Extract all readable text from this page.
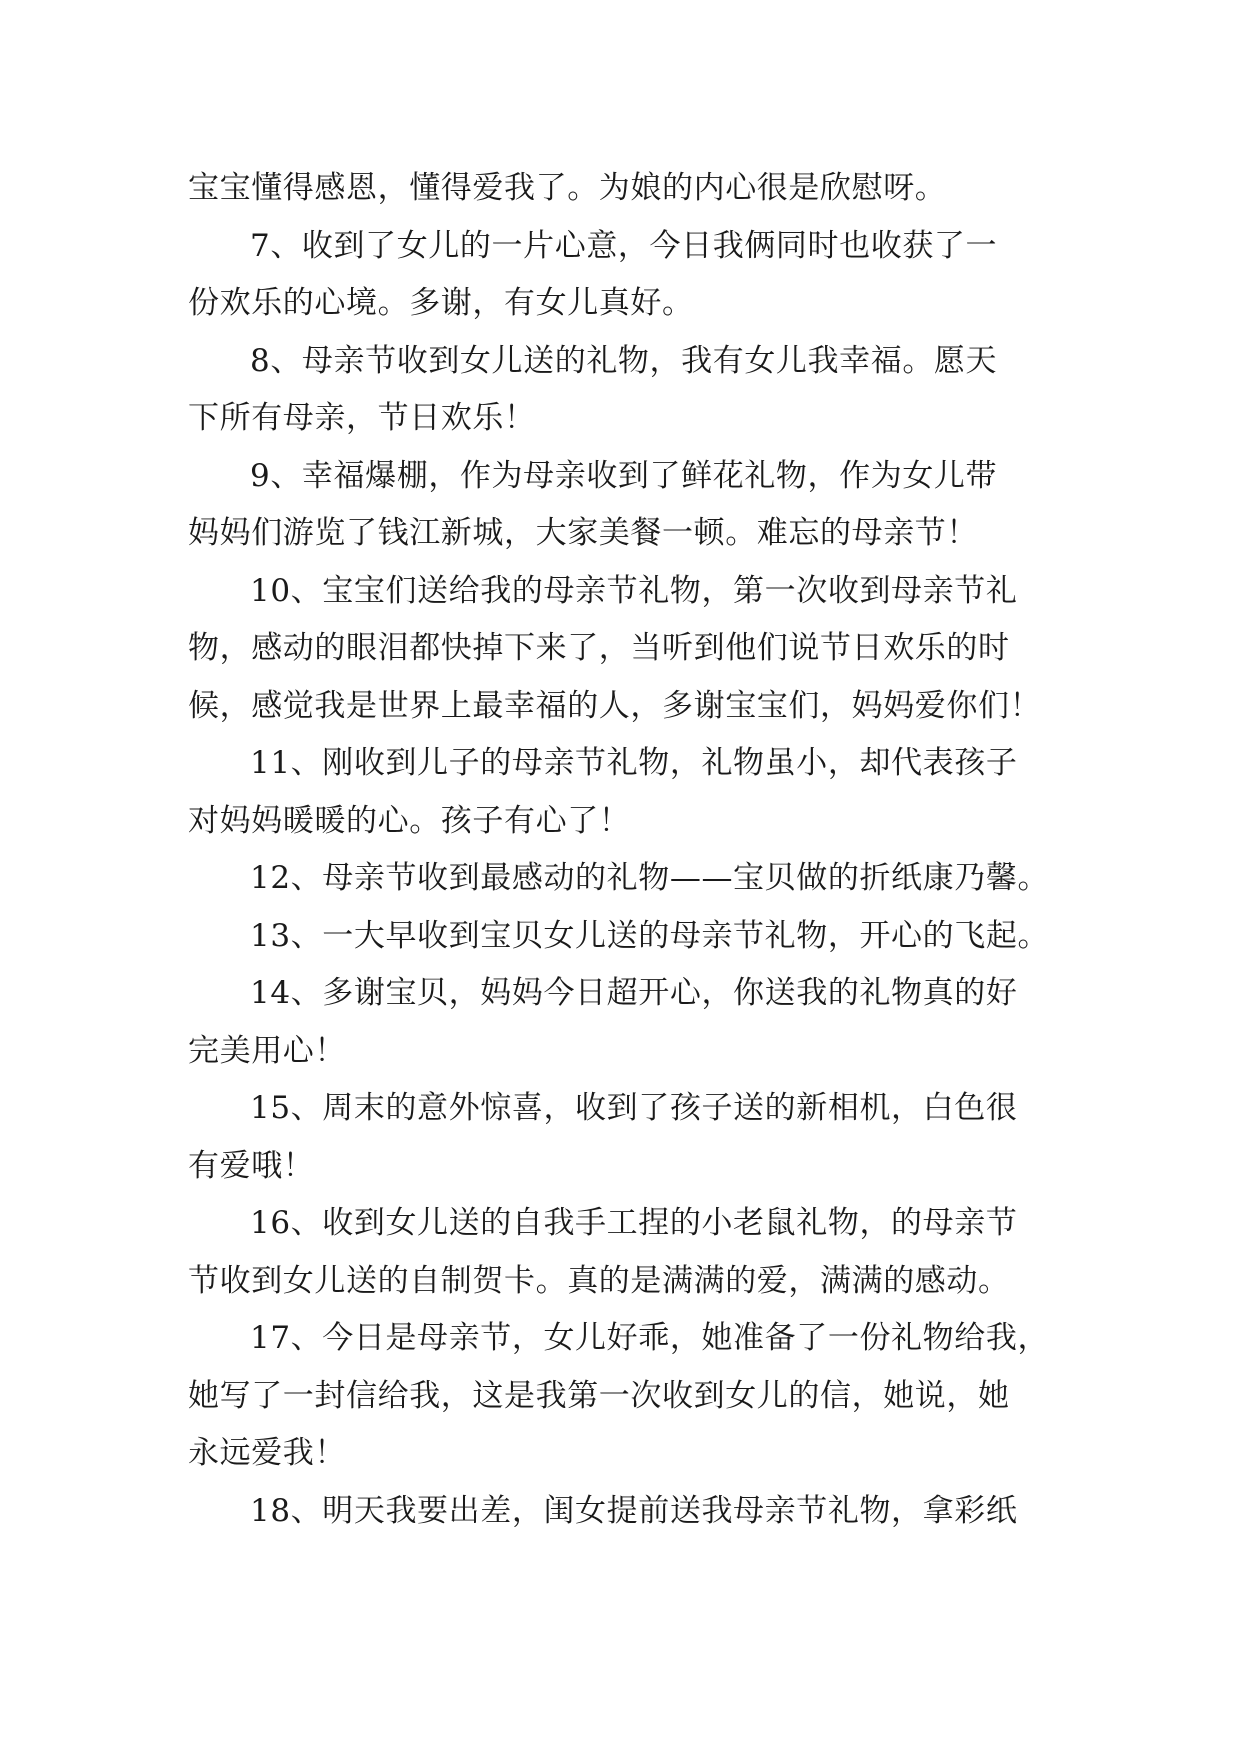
宝宝懂得感恩，懂得爱我了。为娘的内心很是欣慰呀。

7、收到了女儿的一片心意，今日我俩同时也收获了一
份欢乐的心境。多谢，有女儿真好。

8、母亲节收到女儿送的礼物，我有女儿我幸福。愿天
下所有母亲，节日欢乐！

9、幸福爆棚，作为母亲收到了鲜花礼物，作为女儿带
妈妈们游览了钱江新城，大家美餐一顿。难忘的母亲节！

10、宝宝们送给我的母亲节礼物，第一次收到母亲节礼
物，感动的眼泪都快掉下来了，当听到他们说节日欢乐的时
候，感觉我是世界上最幸福的人，多谢宝宝们，妈妈爱你们！

11、刚收到儿子的母亲节礼物，礼物虽小，却代表孩子
对妈妈暖暖的心。孩子有心了！

12、母亲节收到最感动的礼物——宝贝做的折纸康乃馨。

13、一大早收到宝贝女儿送的母亲节礼物，开心的飞起。

14、多谢宝贝，妈妈今日超开心，你送我的礼物真的好
完美用心！

15、周末的意外惊喜，收到了孩子送的新相机，白色很
有爱哦！

16、收到女儿送的自我手工捏的小老鼠礼物，的母亲节
节收到女儿送的自制贺卡。真的是满满的爱，满满的感动。

17、今日是母亲节，女儿好乖，她准备了一份礼物给我，
她写了一封信给我，这是我第一次收到女儿的信，她说，她
永远爱我！

18、明天我要出差，闺女提前送我母亲节礼物，拿彩纸
